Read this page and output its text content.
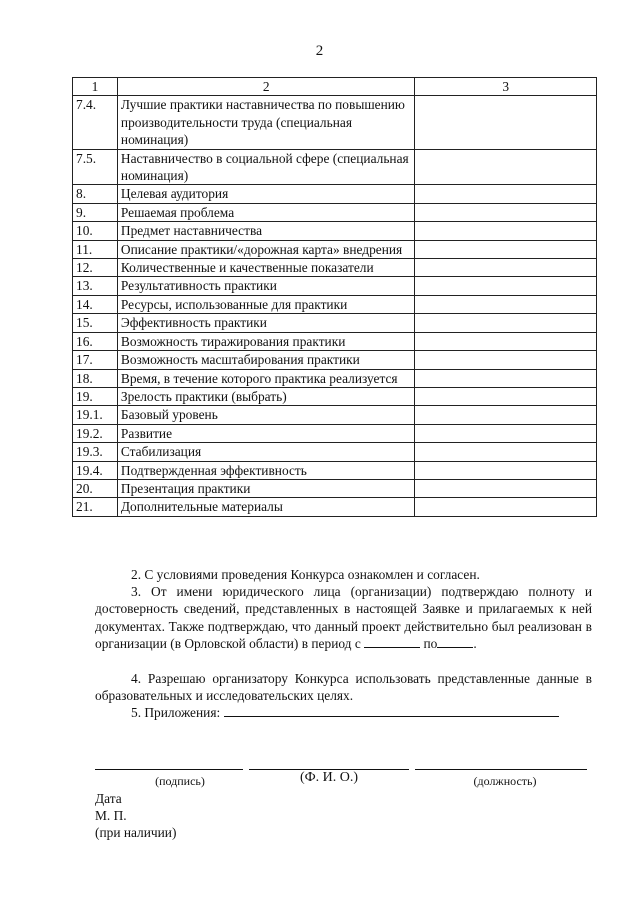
2
1	2	3
7.4.	Лучшие практики наставничества по повышению производительности труда (специальная номинация)	
7.5.	Наставничество в социальной сфере (специальная номинация)	
8.	Целевая аудитория	
9.	Решаемая проблема	
10.	Предмет наставничества	
11.	Описание практики/«дорожная карта» внедрения	
12.	Количественные и качественные показатели	
13.	Результативность практики	
14.	Ресурсы, использованные для практики	
15.	Эффективность практики	
16.	Возможность тиражирования практики	
17.	Возможность масштабирования практики	
18.	Время, в течение которого практика реализуется	
19.	Зрелость практики (выбрать)	
19.1.	Базовый уровень	
19.2.	Развитие	
19.3.	Стабилизация	
19.4.	Подтвержденная эффективность	
20.	Презентация практики	
21.	Дополнительные материалы	
2. С условиями проведения Конкурса ознакомлен и согласен.
3. От имени юридического лица (организации) подтверждаю полноту и достоверность сведений, представленных в настоящей Заявке и прилагаемых к ней документах. Также подтверждаю, что данный проект действительно был реализован в организации (в Орловской области) в период с	по	.
4. Разрешаю организатору Конкурса использовать представленные данные в образовательных и исследовательских целях.
5. Приложения:
(подпись)	(Ф. И. О.)	(должность)
Дата
М. П.
(при наличии)
